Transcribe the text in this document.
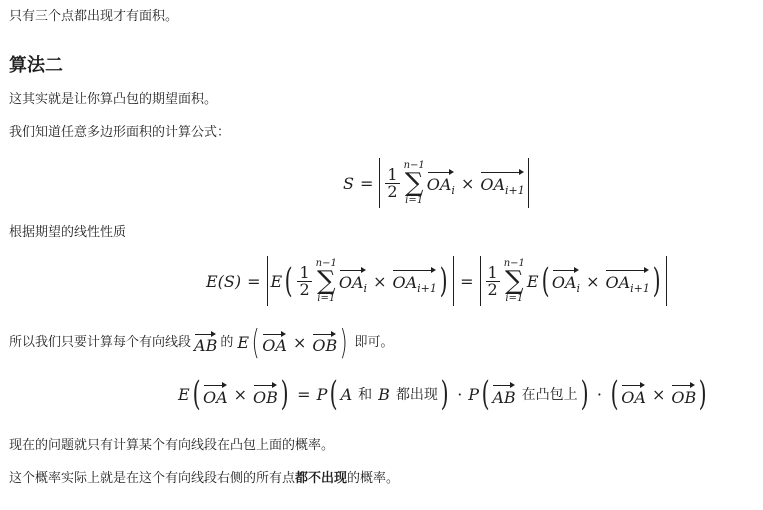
只有三个点都出现才有面积。

算法二

这其实就是让你算凸包的期望面积。

我们知道任意多边形面积的计算公式：

$S = \frac{1}{2}$
n−1
∑
i=1
$OA_i \times OA_{i+1}$

根据期望的线性性质

E(S) = E ( $\frac{1}{2}$
n−1
∑
i=1
$OA_i \times OA_{i+1}$ ) = $\frac{1}{2}$
n−1
∑
i=1
E ( $OA_i \times OA_{i+1}$ )
所以我们只要计算每个有向线段 AB 的 E ( OA × OB ) 即可。
E ( OA × OB ) = P ( A 和 B 都出现 ) · P ( AB 在凸包上 ) · ( OA × OB )

现在的问题就只有计算某个有向线段在凸包上面的概率。

这个概率实际上就是在这个有向线段右侧的所有点都不出现的概率。
